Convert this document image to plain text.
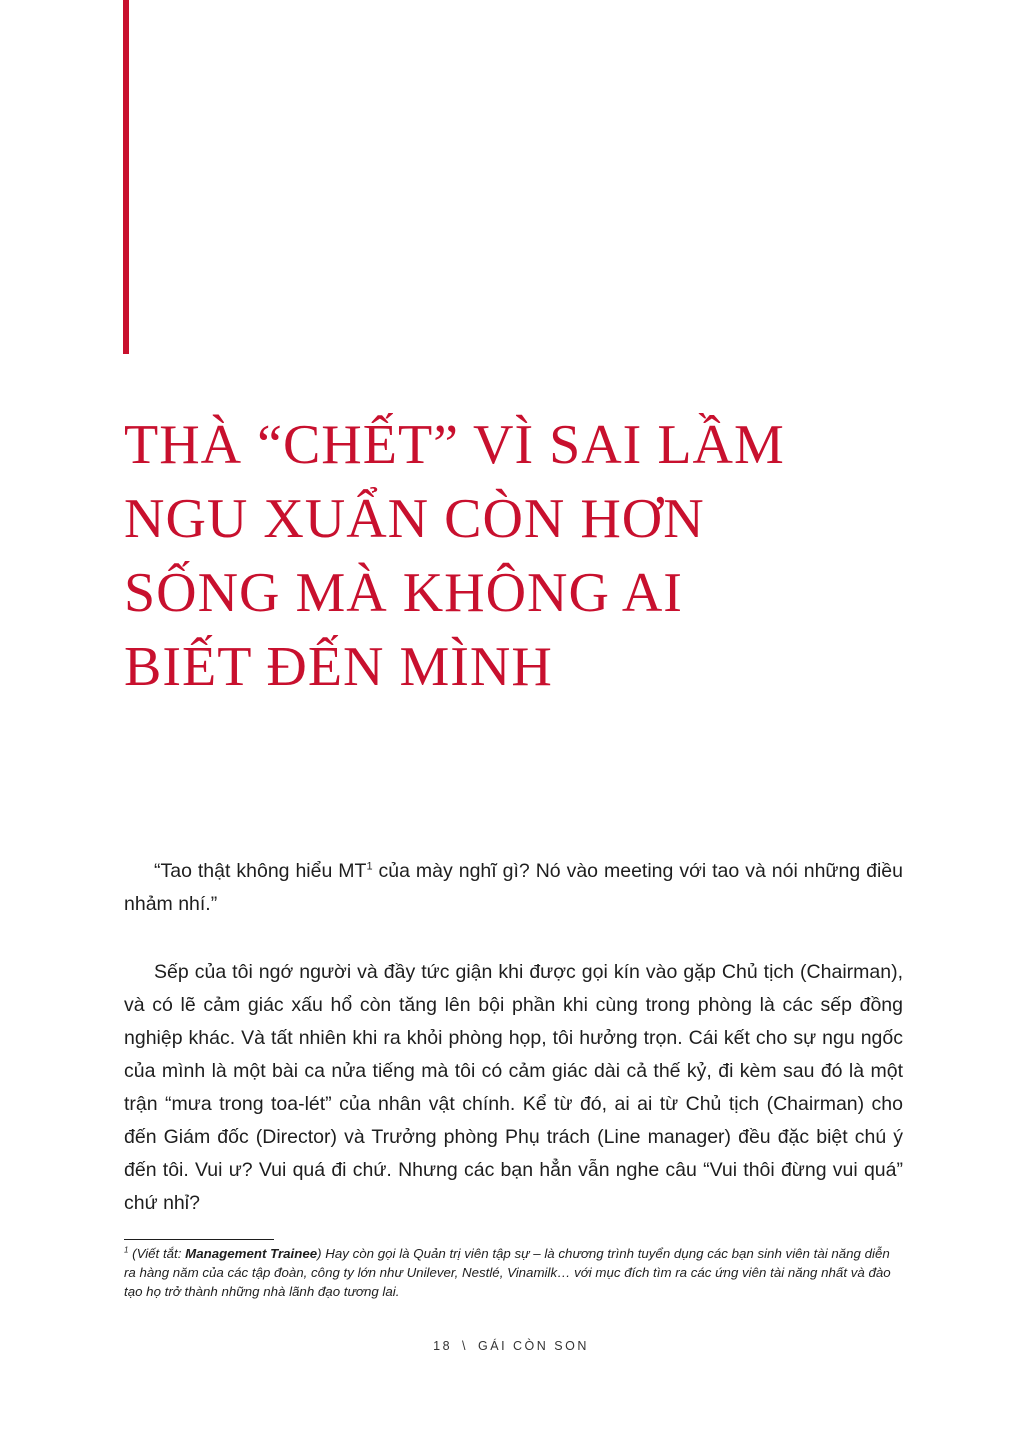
THÀ “CHẾT” VÌ SAI LẦM
NGU XUẨN CÒN HƠN
SỐNG MÀ KHÔNG AI
BIẾT ĐẾN MÌNH

“Tao thật không hiểu $MT^1$ của mày nghĩ gì? Nó vào meeting với tao và nói những điều nhảm nhí.”

Sếp của tôi ngớ người và đầy tức giận khi được gọi kín vào gặp Chủ tịch (Chairman), và có lẽ cảm giác xấu hổ còn tăng lên bội phần khi cùng trong phòng là các sếp đồng nghiệp khác. Và tất nhiên khi ra khỏi phòng họp, tôi hưởng trọn. Cái kết cho sự ngu ngốc của mình là một bài ca nửa tiếng mà tôi có cảm giác dài cả thế kỷ, đi kèm sau đó là một trận “mưa trong toa-lét” của nhân vật chính. Kể từ đó, ai ai từ Chủ tịch (Chairman) cho đến Giám đốc (Director) và Trưởng phòng Phụ trách (Line manager) đều đặc biệt chú ý đến tôi. Vui ư? Vui quá đi chứ. Nhưng các bạn hẳn vẫn nghe câu “Vui thôi đừng vui quá” chứ nhỉ?

$^1$ (Viết tắt: Management Trainee) Hay còn gọi là Quản trị viên tập sự – là chương trình tuyển dụng các bạn sinh viên tài năng diễn ra hàng năm của các tập đoàn, công ty lớn như Unilever, Nestlé, Vinamilk… với mục đích tìm ra các ứng viên tài năng nhất và đào tạo họ trở thành những nhà lãnh đạo tương lai.

18 \ GÁI CÒN SON
